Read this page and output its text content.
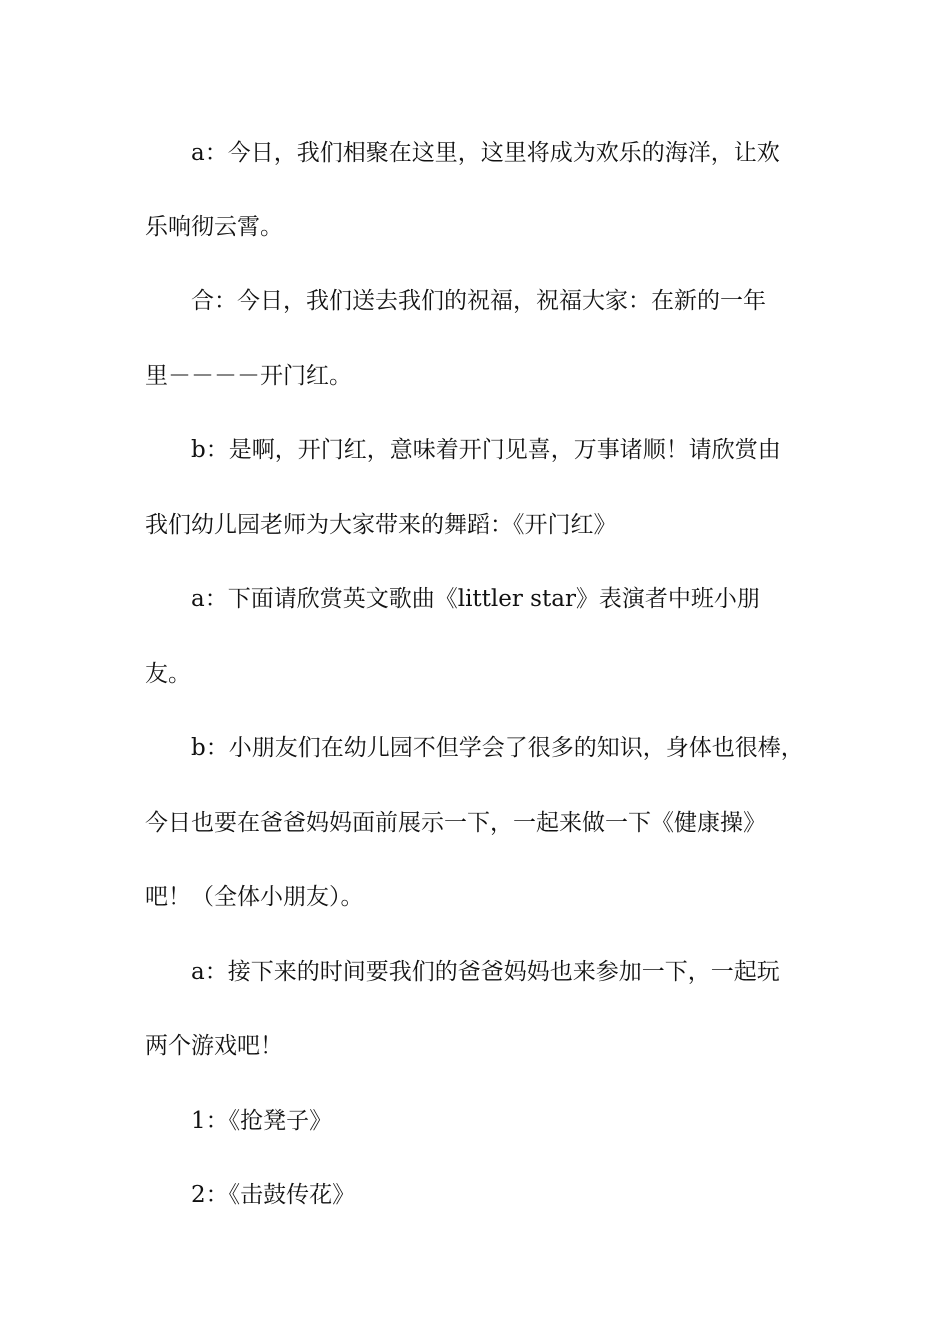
a：今日，我们相聚在这里，这里将成为欢乐的海洋，让欢
乐响彻云霄。
合：今日，我们送去我们的祝福，祝福大家：在新的一年
里－－－－开门红。
b：是啊，开门红，意味着开门见喜，万事诸顺！请欣赏由
我们幼儿园老师为大家带来的舞蹈：《开门红》
a：下面请欣赏英文歌曲《littler star》表演者中班小朋
友。
b：小朋友们在幼儿园不但学会了很多的知识，身体也很棒，
今日也要在爸爸妈妈面前展示一下，一起来做一下《健康操》
吧！（全体小朋友）。
a：接下来的时间要我们的爸爸妈妈也来参加一下，一起玩
两个游戏吧！
1：《抢凳子》
2：《击鼓传花》
